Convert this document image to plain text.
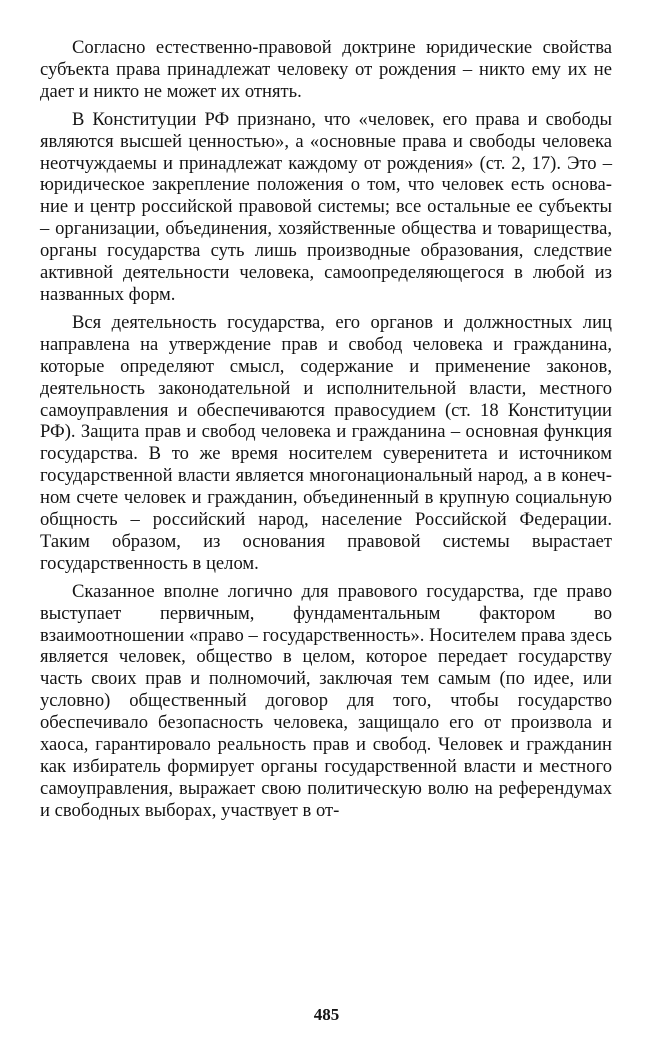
Согласно естественно-правовой доктрине юридические свойства субъекта права принадлежат человеку от рождения – никто ему их не дает и никто не может их отнять.

В Конституции РФ признано, что «человек, его права и свободы являются высшей ценностью», а «основные права и свободы человека неотчуждаемы и принадлежат каждому от рождения» (ст. 2, 17). Это – юридическое закрепление положения о том, что человек есть основание и центр российской правовой системы; все остальные ее субъекты – организации, объединения, хозяйственные общества и товарищества, органы государства суть лишь производные образования, следствие активной деятельности человека, самоопределяющегося в любой из названных форм.

Вся деятельность государства, его органов и должностных лиц направлена на утверждение прав и свобод человека и гражданина, которые определяют смысл, содержание и применение законов, деятельность законодательной и исполнительной власти, местного самоуправления и обеспечиваются правосудием (ст. 18 Конституции РФ). Защита прав и свобод человека и гражданина – основная функция государства. В то же время носителем суверенитета и источником государственной власти является многонациональный народ, а в конечном счете человек и гражданин, объединенный в крупную социальную общность – российский народ, население Российской Федерации. Таким образом, из основания правовой системы вырастает государственность в целом.

Сказанное вполне логично для правового государства, где право выступает первичным, фундаментальным фактором во взаимоотношении «право – государственность». Носителем права здесь является человек, общество в целом, которое передает государству часть своих прав и полномочий, заключая тем самым (по идее, или условно) общественный договор для того, чтобы государство обеспечивало безопасность человека, защищало его от произвола и хаоса, гарантировало реальность прав и свобод. Человек и гражданин как избиратель формирует органы государственной власти и местного самоуправления, выражает свою политическую волю на референдумах и свободных выборах, участвует в от-

485
